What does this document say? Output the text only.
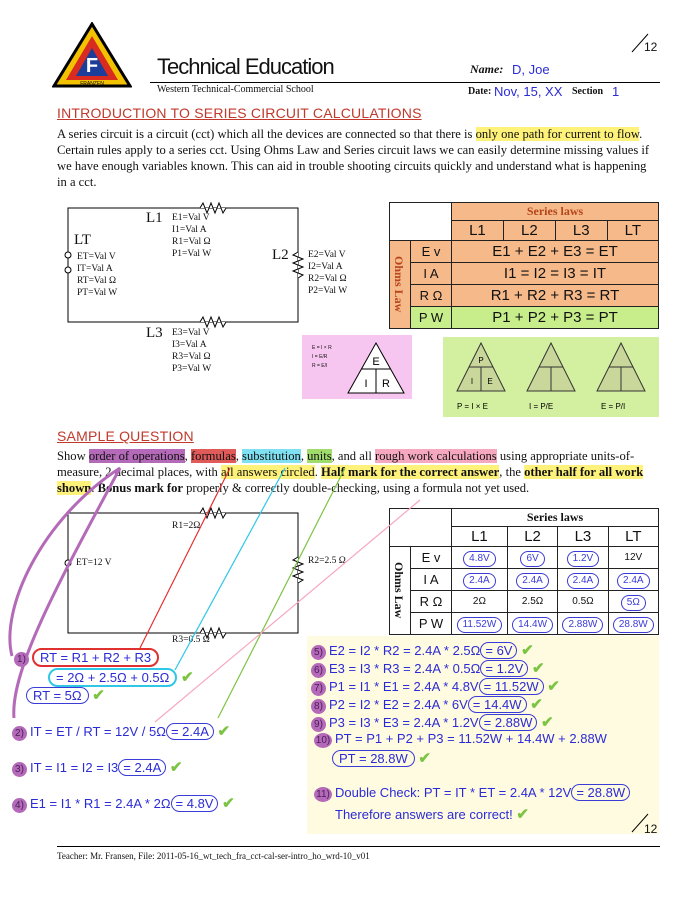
F
FRANZEN
Technical Education
Western Technical-Commercial School
12
Name: D, Joe
Date: Nov, 15, XX Section 1
INTRODUCTION TO SERIES CIRCUIT CALCULATIONS
A series circuit is a circuit (cct) which all the devices are connected so that there is only one path for current to flow. Certain rules apply to a series cct. Using Ohms Law and Series circuit laws we can easily determine missing values if we have enough variables known. This can aid in trouble shooting circuits quickly and understand what is happening in a cct.
L1 E1=Val V
I1=Val A
R1=Val Ω
P1=Val W
LT
ET=Val V
IT=Val A
RT=Val Ω
PT=Val W
L2 E2=Val V
I2=Val A
R2=Val Ω
P2=Val W
L3 E3=Val V
I3=Val A
R3=Val Ω
P3=Val W
		Series laws			
		L1	L2	L3	LT

Ohms Law	E v	E1 + E2 + E3 = ET			
	I A	I1 = I2 = I3 = IT			
	R Ω	R1 + R2 + R3 = RT			
	P W	P1 + P2 + P3 = PT			
E = I × R
I = E/R
R = E/I	E
I R
P
I E
P = I × E	I = P/E	E = P/I
SAMPLE QUESTION
Show order of operations, formulas, substitution, units, and all rough work calculations using appropriate units-of-measure, 2 decimal places, with all answers circled. Half mark for the correct answer, the other half for all work shown. Bonus mark for properly & correctly double-checking, using a formula not yet used.
R1=2Ω
R2=2.5 Ω
R3=0.5 Ω
ET=12 V
		Series laws			
		L1	L2	L3	LT

Ohms Law	E v	4.8V	6V	1.2V	12V
	I A	2.4A	2.4A	2.4A	2.4A
	R Ω	2Ω	2.5Ω	0.5Ω	5Ω
	P W	11.52W	14.4W	2.88W	28.8W
1) RT = R1 + R2 + R3
= 2Ω + 2.5Ω + 0.5Ω ✔
RT = 5Ω ✔
2) IT = ET / RT = 12V / 5Ω = 2.4A ✔
3) IT = I1 = I2 = I3 = 2.4A ✔
4) E1 = I1 * R1 = 2.4A * 2Ω = 4.8V ✔
5) E2 = I2 * R2 = 2.4A * 2.5Ω = 6V ✔
6) E3 = I3 * R3 = 2.4A * 0.5Ω = 1.2V ✔
7) P1 = I1 * E1 = 2.4A * 4.8V = 11.52W ✔
8) P2 = I2 * E2 = 2.4A * 6V = 14.4W ✔
9) P3 = I3 * E3 = 2.4A * 1.2V = 2.88W ✔
10) PT = P1 + P2 + P3 = 11.52W + 14.4W + 2.88W
PT = 28.8W ✔
11) Double Check: PT = IT * ET = 2.4A * 12V = 28.8W
Therefore answers are correct! ✔
12
Teacher: Mr. Fransen, File: 2011-05-16_wt_tech_fra_cct-cal-ser-intro_ho_wrd-10_v01
